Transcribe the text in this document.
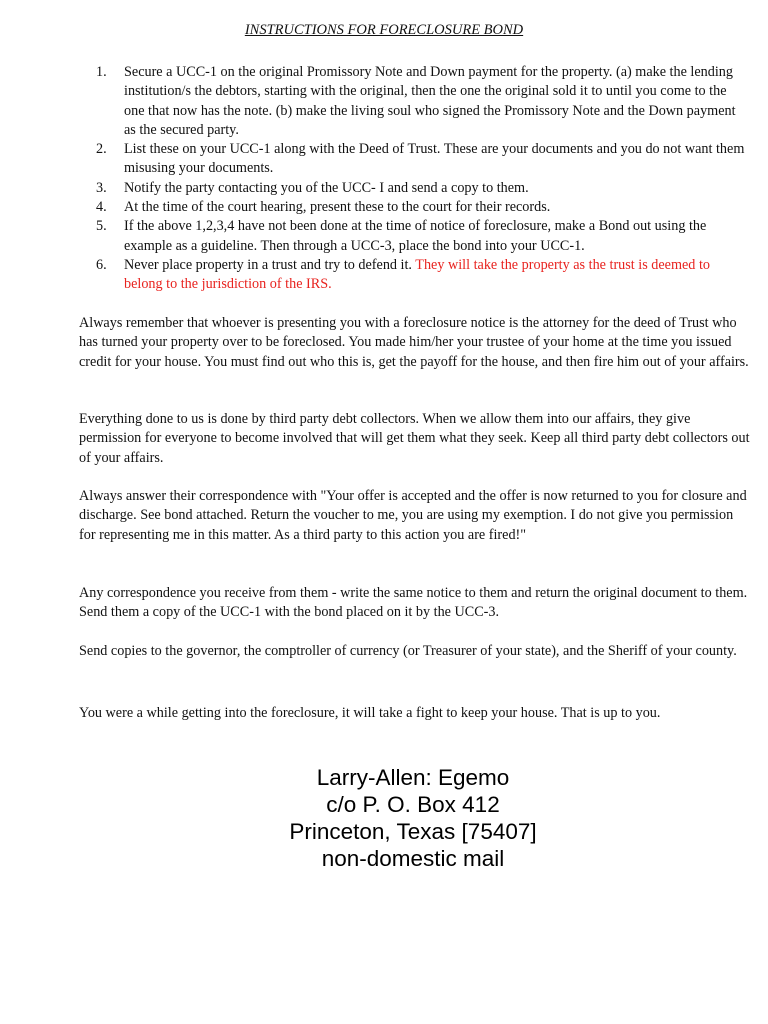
INSTRUCTIONS FOR FORECLOSURE BOND
1. Secure a UCC-1 on the original Promissory Note and Down payment for the property. (a) make the lending institution/s the debtors, starting with the original, then the one the original sold it to until you come to the one that now has the note. (b) make the living soul who signed the Promissory Note and the Down payment as the secured party.
2. List these on your UCC-1 along with the Deed of Trust. These are your documents and you do not want them misusing your documents.
3. Notify the party contacting you of the UCC- I and send a copy to them.
4. At the time of the court hearing, present these to the court for their records.
5. If the above 1,2,3,4 have not been done at the time of notice of foreclosure, make a Bond out using the example as a guideline. Then through a UCC-3, place the bond into your UCC-1.
6. Never place property in a trust and try to defend it. They will take the property as the trust is deemed to belong to the jurisdiction of the IRS.

Always remember that whoever is presenting you with a foreclosure notice is the attorney for the deed of Trust who has turned your property over to be foreclosed. You made him/her your trustee of your home at the time you issued credit for your house. You must find out who this is, get the payoff for the house, and then fire him out of your affairs.

Everything done to us is done by third party debt collectors. When we allow them into our affairs, they give permission for everyone to become involved that will get them what they seek. Keep all third party debt collectors out of your affairs.

Always answer their correspondence with "Your offer is accepted and the offer is now returned to you for closure and discharge. See bond attached. Return the voucher to me, you are using my exemption. I do not give you permission for representing me in this matter. As a third party to this action you are fired!"

Any correspondence you receive from them - write the same notice to them and return the original document to them. Send them a copy of the UCC-1 with the bond placed on it by the UCC-3.

Send copies to the governor, the comptroller of currency (or Treasurer of your state), and the Sheriff of your county.

You were a while getting into the foreclosure, it will take a fight to keep your house. That is up to you.

Larry-Allen: Egemo
c/o P. O. Box 412
Princeton, Texas [75407]
non-domestic mail
